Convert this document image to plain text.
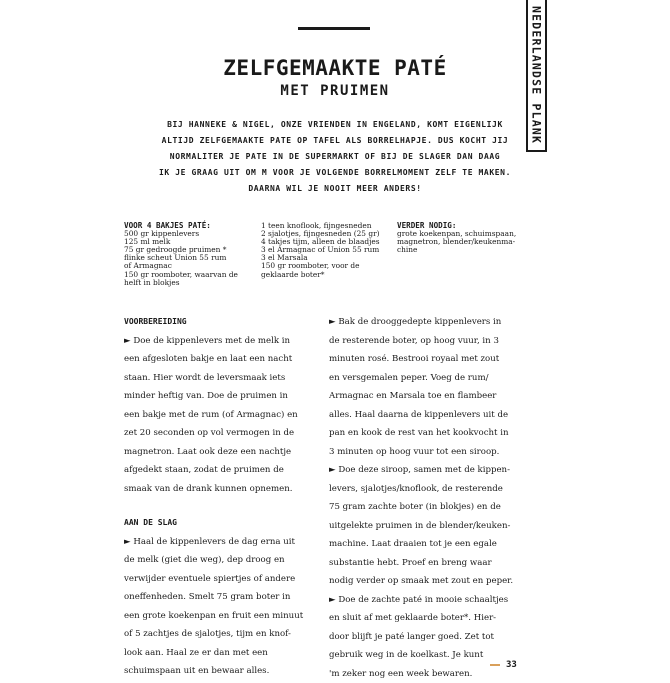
NEDERLANDSE PLANK
ZELFGEMAAKTE PATÉ
MET PRUIMEN
BIJ HANNEKE & NIGEL, ONZE VRIENDEN IN ENGELAND, KOMT EIGENLIJK
ALTIJD ZELFGEMAAKTE PATE OP TAFEL ALS BORRELHAPJE. DUS KOCHT JIJ
NORMALITER JE PATE IN DE SUPERMARKT OF BIJ DE SLAGER DAN DAAG
IK JE GRAAG UIT OM M VOOR JE VOLGENDE BORRELMOMENT ZELF TE MAKEN.
DAARNA WIL JE NOOIT MEER ANDERS!
VOOR 4 BAKJES PATÉ:
500 gr kippenlevers
125 ml melk
75 gr gedroogde pruimen *
flinke scheut Union 55 rum
of Armagnac
150 gr roomboter, waarvan de
helft in blokjes
1 teen knoflook, fijngesneden
2 sjalotjes, fijngesneden (25 gr)
4 takjes tijm, alleen de blaadjes
3 el Armagnac of Union 55 rum
3 el Marsala
150 gr roomboter, voor de
geklaarde boter*
VERDER NODIG:
grote koekenpan, schuimspaan,
magnetron, blender/keukenma-
chine
VOORBEREIDING
► Doe de kippenlevers met de melk in
een afgesloten bakje en laat een nacht
staan. Hier wordt de leversmaak iets
minder heftig van. Doe de pruimen in
een bakje met de rum (of Armagnac) en
zet 20 seconden op vol vermogen in de
magnetron. Laat ook deze een nachtje
afgedekt staan, zodat de pruimen de
smaak van de drank kunnen opnemen.
AAN DE SLAG
► Haal de kippenlevers de dag erna uit
de melk (giet die weg), dep droog en
verwijder eventuele spiertjes of andere
oneffenheden. Smelt 75 gram boter in
een grote koekenpan en fruit een minuut
of 5 zachtjes de sjalotjes, tijm en knof-
look aan. Haal ze er dan met een
schuimspaan uit en bewaar alles.
► Bak de drooggedepte kippenlevers in
de resterende boter, op hoog vuur, in 3
minuten rosé. Bestrooi royaal met zout
en versgemalen peper. Voeg de rum/
Armagnac en Marsala toe en flambeer
alles. Haal daarna de kippenlevers uit de
pan en kook de rest van het kookvocht in
3 minuten op hoog vuur tot een siroop.
► Doe deze siroop, samen met de kippen-
levers, sjalotjes/knoflook, de resterende
75 gram zachte boter (in blokjes) en de
uitgelekte pruimen in de blender/keuken-
machine. Laat draaien tot je een egale
substantie hebt. Proef en breng waar
nodig verder op smaak met zout en peper.
► Doe de zachte paté in mooie schaaltjes
en sluit af met geklaarde boter*. Hier-
door blijft je paté langer goed. Zet tot
gebruik weg in de koelkast. Je kunt
'm zeker nog een week bewaren.
33
